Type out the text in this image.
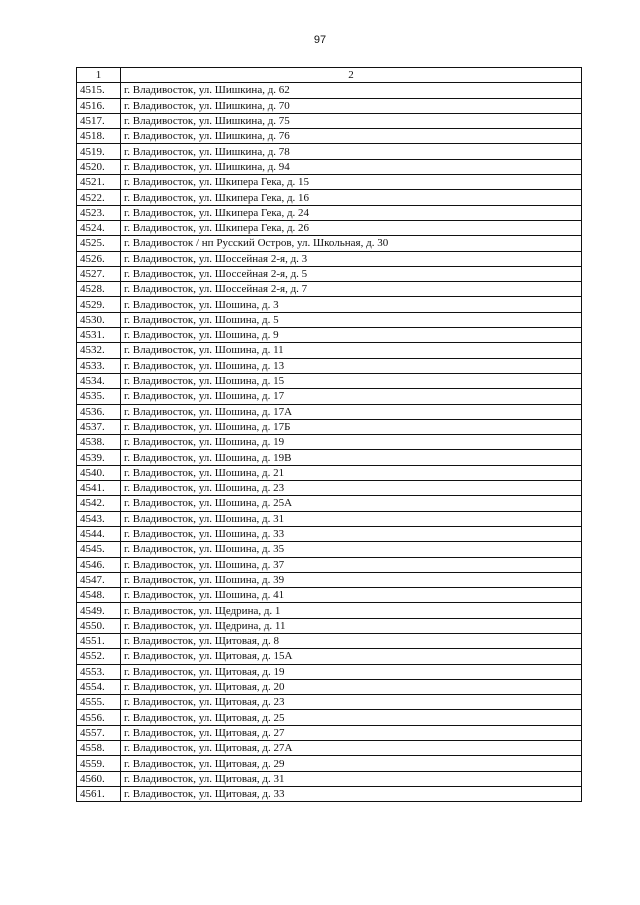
97
1	2
4515.	г. Владивосток, ул. Шишкина, д. 62
4516.	г. Владивосток, ул. Шишкина, д. 70
4517.	г. Владивосток, ул. Шишкина, д. 75
4518.	г. Владивосток, ул. Шишкина, д. 76
4519.	г. Владивосток, ул. Шишкина, д. 78
4520.	г. Владивосток, ул. Шишкина, д. 94
4521.	г. Владивосток, ул. Шкипера Гека, д. 15
4522.	г. Владивосток, ул. Шкипера Гека, д. 16
4523.	г. Владивосток, ул. Шкипера Гека, д. 24
4524.	г. Владивосток, ул. Шкипера Гека, д. 26
4525.	г. Владивосток / нп Русский Остров, ул. Школьная, д. 30
4526.	г. Владивосток, ул. Шоссейная 2-я, д. 3
4527.	г. Владивосток, ул. Шоссейная 2-я, д. 5
4528.	г. Владивосток, ул. Шоссейная 2-я, д. 7
4529.	г. Владивосток, ул. Шошина, д. 3
4530.	г. Владивосток, ул. Шошина, д. 5
4531.	г. Владивосток, ул. Шошина, д. 9
4532.	г. Владивосток, ул. Шошина, д. 11
4533.	г. Владивосток, ул. Шошина, д. 13
4534.	г. Владивосток, ул. Шошина, д. 15
4535.	г. Владивосток, ул. Шошина, д. 17
4536.	г. Владивосток, ул. Шошина, д. 17А
4537.	г. Владивосток, ул. Шошина, д. 17Б
4538.	г. Владивосток, ул. Шошина, д. 19
4539.	г. Владивосток, ул. Шошина, д. 19В
4540.	г. Владивосток, ул. Шошина, д. 21
4541.	г. Владивосток, ул. Шошина, д. 23
4542.	г. Владивосток, ул. Шошина, д. 25А
4543.	г. Владивосток, ул. Шошина, д. 31
4544.	г. Владивосток, ул. Шошина, д. 33
4545.	г. Владивосток, ул. Шошина, д. 35
4546.	г. Владивосток, ул. Шошина, д. 37
4547.	г. Владивосток, ул. Шошина, д. 39
4548.	г. Владивосток, ул. Шошина, д. 41
4549.	г. Владивосток, ул. Щедрина, д. 1
4550.	г. Владивосток, ул. Щедрина, д. 11
4551.	г. Владивосток, ул. Щитовая, д. 8
4552.	г. Владивосток, ул. Щитовая, д. 15А
4553.	г. Владивосток, ул. Щитовая, д. 19
4554.	г. Владивосток, ул. Щитовая, д. 20
4555.	г. Владивосток, ул. Щитовая, д. 23
4556.	г. Владивосток, ул. Щитовая, д. 25
4557.	г. Владивосток, ул. Щитовая, д. 27
4558.	г. Владивосток, ул. Щитовая, д. 27А
4559.	г. Владивосток, ул. Щитовая, д. 29
4560.	г. Владивосток, ул. Щитовая, д. 31
4561.	г. Владивосток, ул. Щитовая, д. 33
